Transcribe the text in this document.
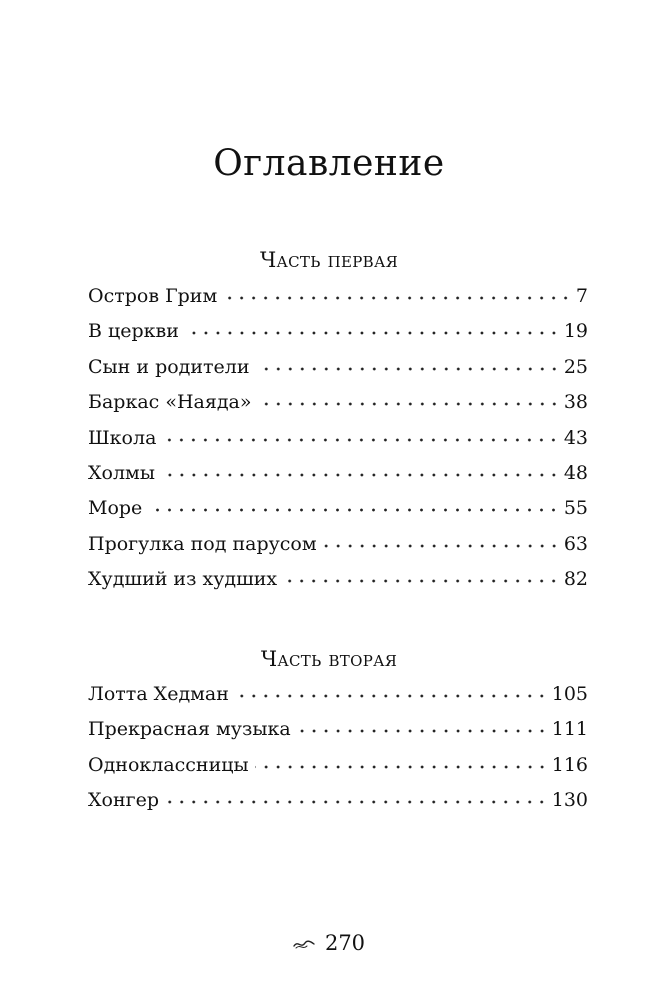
Оглавление
Часть первая
Остров Грим	7
В церкви	19
Сын и родители	25
Баркас «Наяда»	38
Школа	43
Холмы	48
Море	55
Прогулка под парусом	63
Худший из худших	82
Часть вторая
Лотта Хедман	105
Прекрасная музыка	111
Одноклассницы	116
Хонгер	130
270
